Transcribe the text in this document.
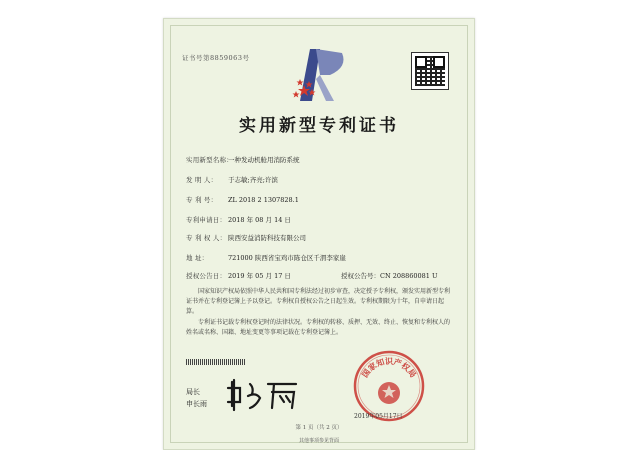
证书号第8859063号
实用新型专利证书
实用新型名称：一种发动机舱用消防系统
发 明 人： 于志敏;齐亮;许滨
专 利 号： ZL 2018 2 1307828.1
专利申请日： 2018 年 08 月 14 日
专 利 权 人： 陕西安益消防科技有限公司
地 址：	721000 陕西省宝鸡市陈仓区千渭李家崖
授权公告日： 2019 年 05 月 17 日	授权公告号：CN 208860081 U

国家知识产权局依照中华人民共和国专利法经过初步审查，决定授予专利权，颁发实用新型专利证书并在专利登记簿上予以登记。专利权自授权公告之日起生效。专利权期限为十年，自申请日起算。

专利证书记载专利权登记时的法律状况。专利权的转移、质押、无效、终止、恢复和专利权人的姓名或名称、国籍、地址变更等事项记载在专利登记簿上。

局长
申长雨
国家知识产权局
2019年05月17日
第 1 页（共 2 页）
其他事项参见背面
